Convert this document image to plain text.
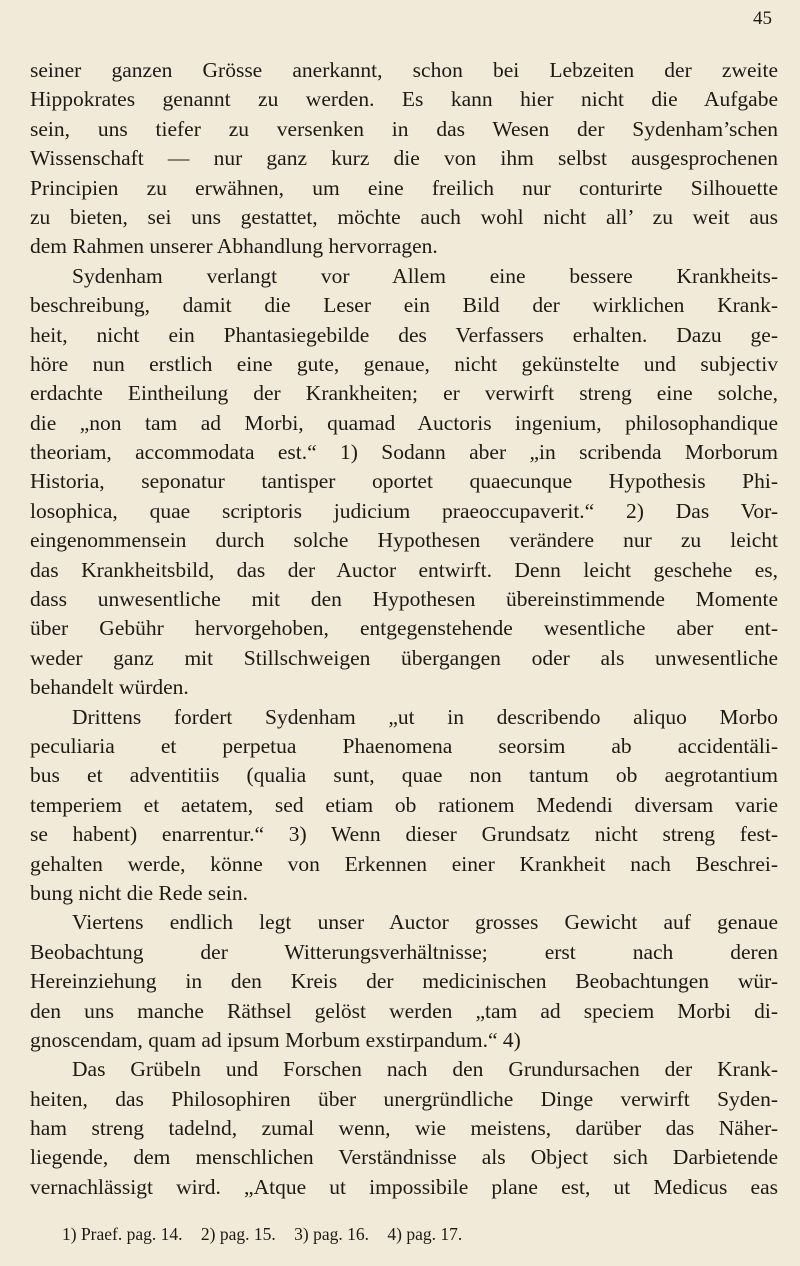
45
seiner ganzen Grösse anerkannt, schon bei Lebzeiten der zweite
Hippokrates genannt zu werden. Es kann hier nicht die Aufgabe
sein, uns tiefer zu versenken in das Wesen der Sydenham’schen
Wissenschaft — nur ganz kurz die von ihm selbst ausgesprochenen
Principien zu erwähnen, um eine freilich nur conturirte Silhouette
zu bieten, sei uns gestattet, möchte auch wohl nicht all’ zu weit aus
dem Rahmen unserer Abhandlung hervorragen.
Sydenham verlangt vor Allem eine bessere Krankheits-
beschreibung, damit die Leser ein Bild der wirklichen Krank-
heit, nicht ein Phantasiegebilde des Verfassers erhalten. Dazu ge-
höre nun erstlich eine gute, genaue, nicht gekünstelte und subjectiv
erdachte Eintheilung der Krankheiten; er verwirft streng eine solche,
die „non tam ad Morbi, quamad Auctoris ingenium, philosophandique
theoriam, accommodata est.“ 1) Sodann aber „in scribenda Morborum
Historia, seponatur tantisper oportet quaecunque Hypothesis Phi-
losophica, quae scriptoris judicium praeoccupaverit.“ 2) Das Vor-
eingenommensein durch solche Hypothesen verändere nur zu leicht
das Krankheitsbild, das der Auctor entwirft. Denn leicht geschehe es,
dass unwesentliche mit den Hypothesen übereinstimmende Momente
über Gebühr hervorgehoben, entgegenstehende wesentliche aber ent-
weder ganz mit Stillschweigen übergangen oder als unwesentliche
behandelt würden.
Drittens fordert Sydenham „ut in describendo aliquo Morbo
peculiaria et perpetua Phaenomena seorsim ab accidentäli-
bus et adventitiis (qualia sunt, quae non tantum ob aegrotantium
temperiem et aetatem, sed etiam ob rationem Medendi diversam varie
se habent) enarrentur.“ 3) Wenn dieser Grundsatz nicht streng fest-
gehalten werde, könne von Erkennen einer Krankheit nach Beschrei-
bung nicht die Rede sein.
Viertens endlich legt unser Auctor grosses Gewicht auf genaue
Beobachtung der Witterungsverhältnisse; erst nach deren
Hereinziehung in den Kreis der medicinischen Beobachtungen wür-
den uns manche Räthsel gelöst werden „tam ad speciem Morbi di-
gnoscendam, quam ad ipsum Morbum exstirpandum.“ 4)
Das Grübeln und Forschen nach den Grundursachen der Krank-
heiten, das Philosophiren über unergründliche Dinge verwirft Syden-
ham streng tadelnd, zumal wenn, wie meistens, darüber das Näher-
liegende, dem menschlichen Verständnisse als Object sich Darbietende
vernachlässigt wird. „Atque ut impossibile plane est, ut Medicus eas
1) Praef. pag. 14. 2) pag. 15. 3) pag. 16. 4) pag. 17.
